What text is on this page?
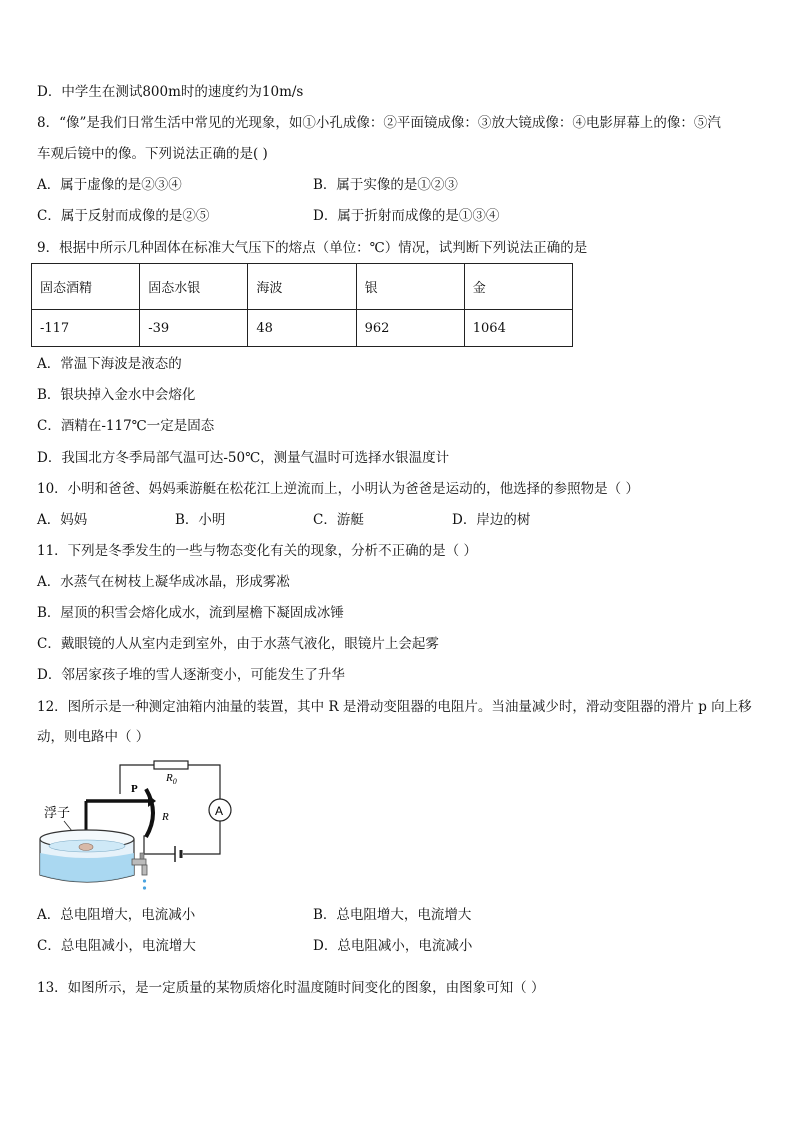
D．中学生在测试800m时的速度约为10m/s
8．“像”是我们日常生活中常见的光现象，如①小孔成像：②平面镜成像：③放大镜成像：④电影屏幕上的像：⑤汽
车观后镜中的像。下列说法正确的是( )
A．属于虚像的是②③④	B．属于实像的是①②③
C．属于反射而成像的是②⑤	D．属于折射而成像的是①③④
9．根据中所示几种固体在标准大气压下的熔点（单位：℃）情况，试判断下列说法正确的是
固态酒精	固态水银	海波	银	金
-117	-39	48	962	1064
A．常温下海波是液态的
B．银块掉入金水中会熔化
C．酒精在-117℃一定是固态
D．我国北方冬季局部气温可达-50℃，测量气温时可选择水银温度计
10．小明和爸爸、妈妈乘游艇在松花江上逆流而上，小明认为爸爸是运动的，他选择的参照物是（ ）
A．妈妈	B．小明	C．游艇	D．岸边的树
11．下列是冬季发生的一些与物态变化有关的现象，分析不正确的是（ ）
A．水蒸气在树枝上凝华成冰晶，形成雾凇
B．屋顶的积雪会熔化成水，流到屋檐下凝固成冰锤
C．戴眼镜的人从室内走到室外，由于水蒸气液化，眼镜片上会起雾
D．邻居家孩子堆的雪人逐渐变小，可能发生了升华
12．图所示是一种测定油箱内油量的装置，其中 R 是滑动变阻器的电阻片。当油量减少时，滑动变阻器的滑片 p 向上移动，则电路中（ ）
$R_0$
A
R
P
浮子
A．总电阻增大，电流减小	B．总电阻增大，电流增大
C．总电阻减小，电流增大	D．总电阻减小，电流减小
13．如图所示，是一定质量的某物质熔化时温度随时间变化的图象，由图象可知（ ）
